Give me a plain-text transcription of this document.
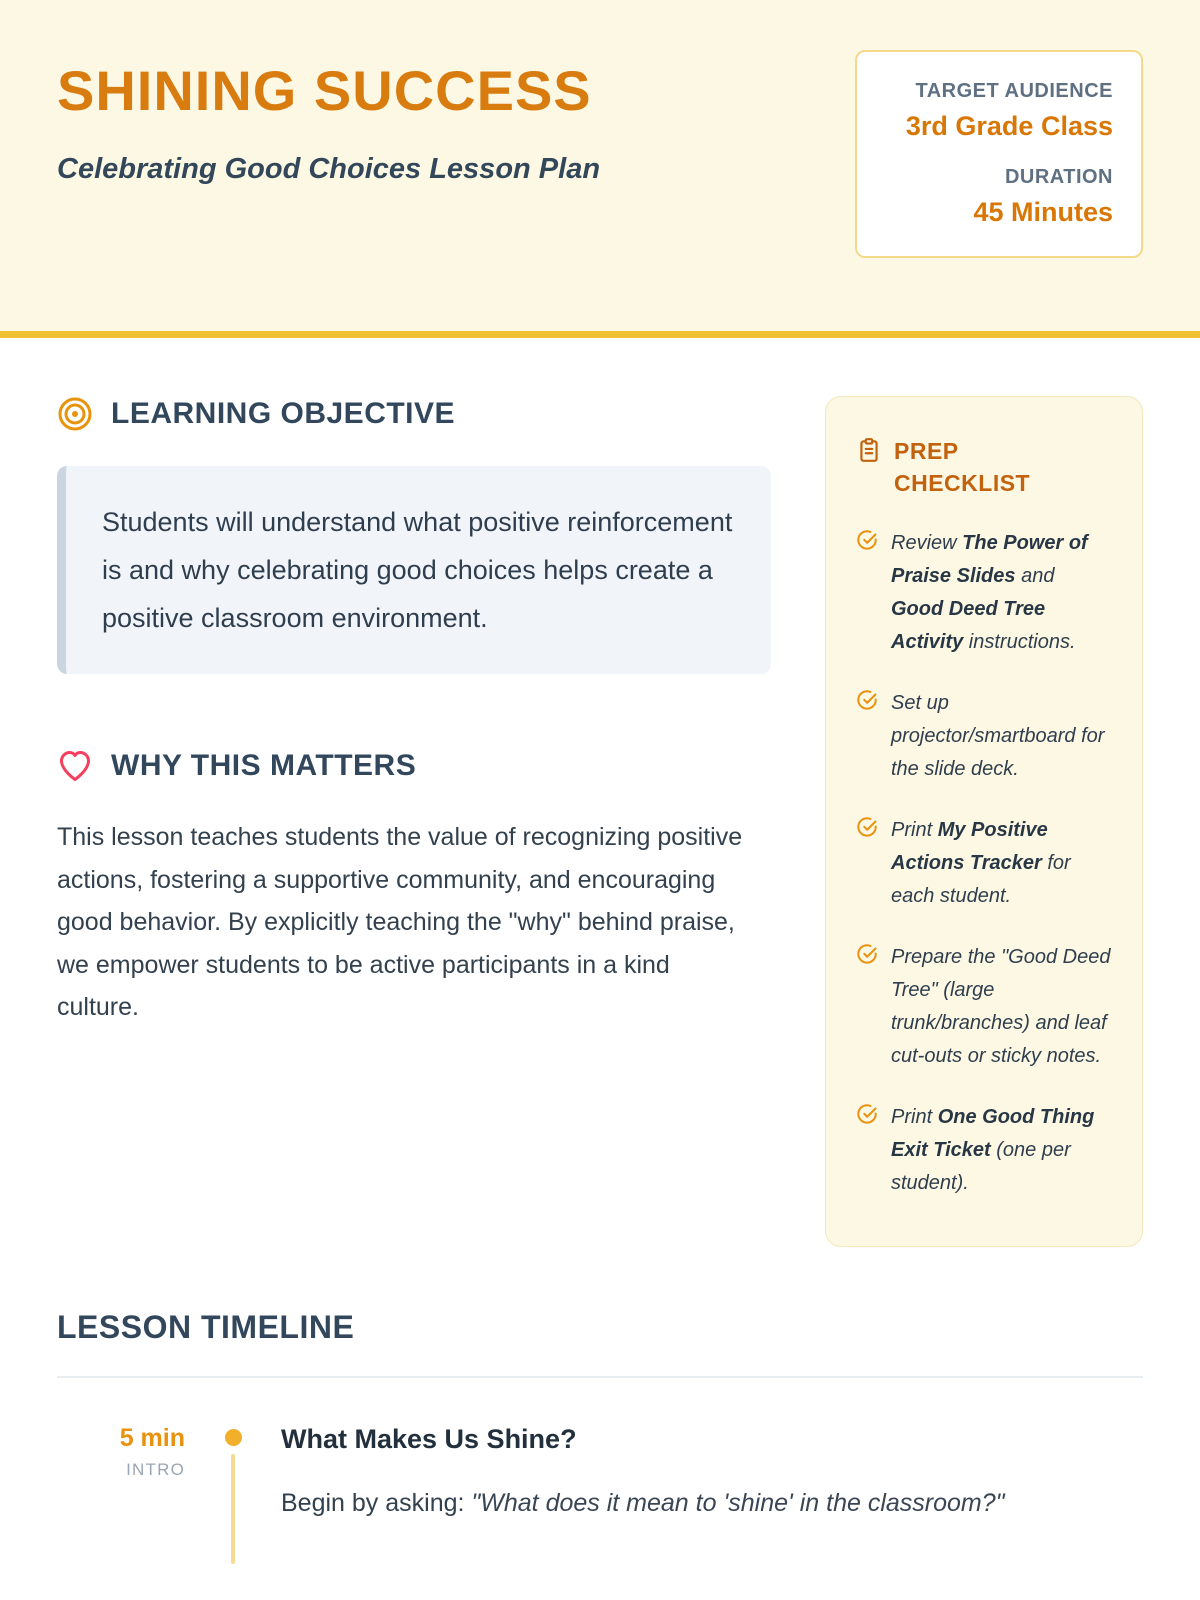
SHINING SUCCESS

Celebrating Good Choices Lesson Plan

TARGET AUDIENCE
3rd Grade Class
DURATION
45 Minutes
LEARNING OBJECTIVE

Students will understand what positive reinforcement is and why celebrating good choices helps create a positive classroom environment.

WHY THIS MATTERS

This lesson teaches students the value of recognizing positive actions, fostering a supportive community, and encouraging good behavior. By explicitly teaching the "why" behind praise, we empower students to be active participants in a kind culture.

PREP CHECKLIST
Review The Power of Praise Slides and Good Deed Tree Activity instructions.
Set up projector/smartboard for the slide deck.
Print My Positive Actions Tracker for each student.
Prepare the "Good Deed Tree" (large trunk/branches) and leaf cut-outs or sticky notes.
Print One Good Thing Exit Ticket (one per student).
LESSON TIMELINE
5 min
INTRO
What Makes Us Shine?

Begin by asking: "What does it mean to 'shine' in the classroom?"
